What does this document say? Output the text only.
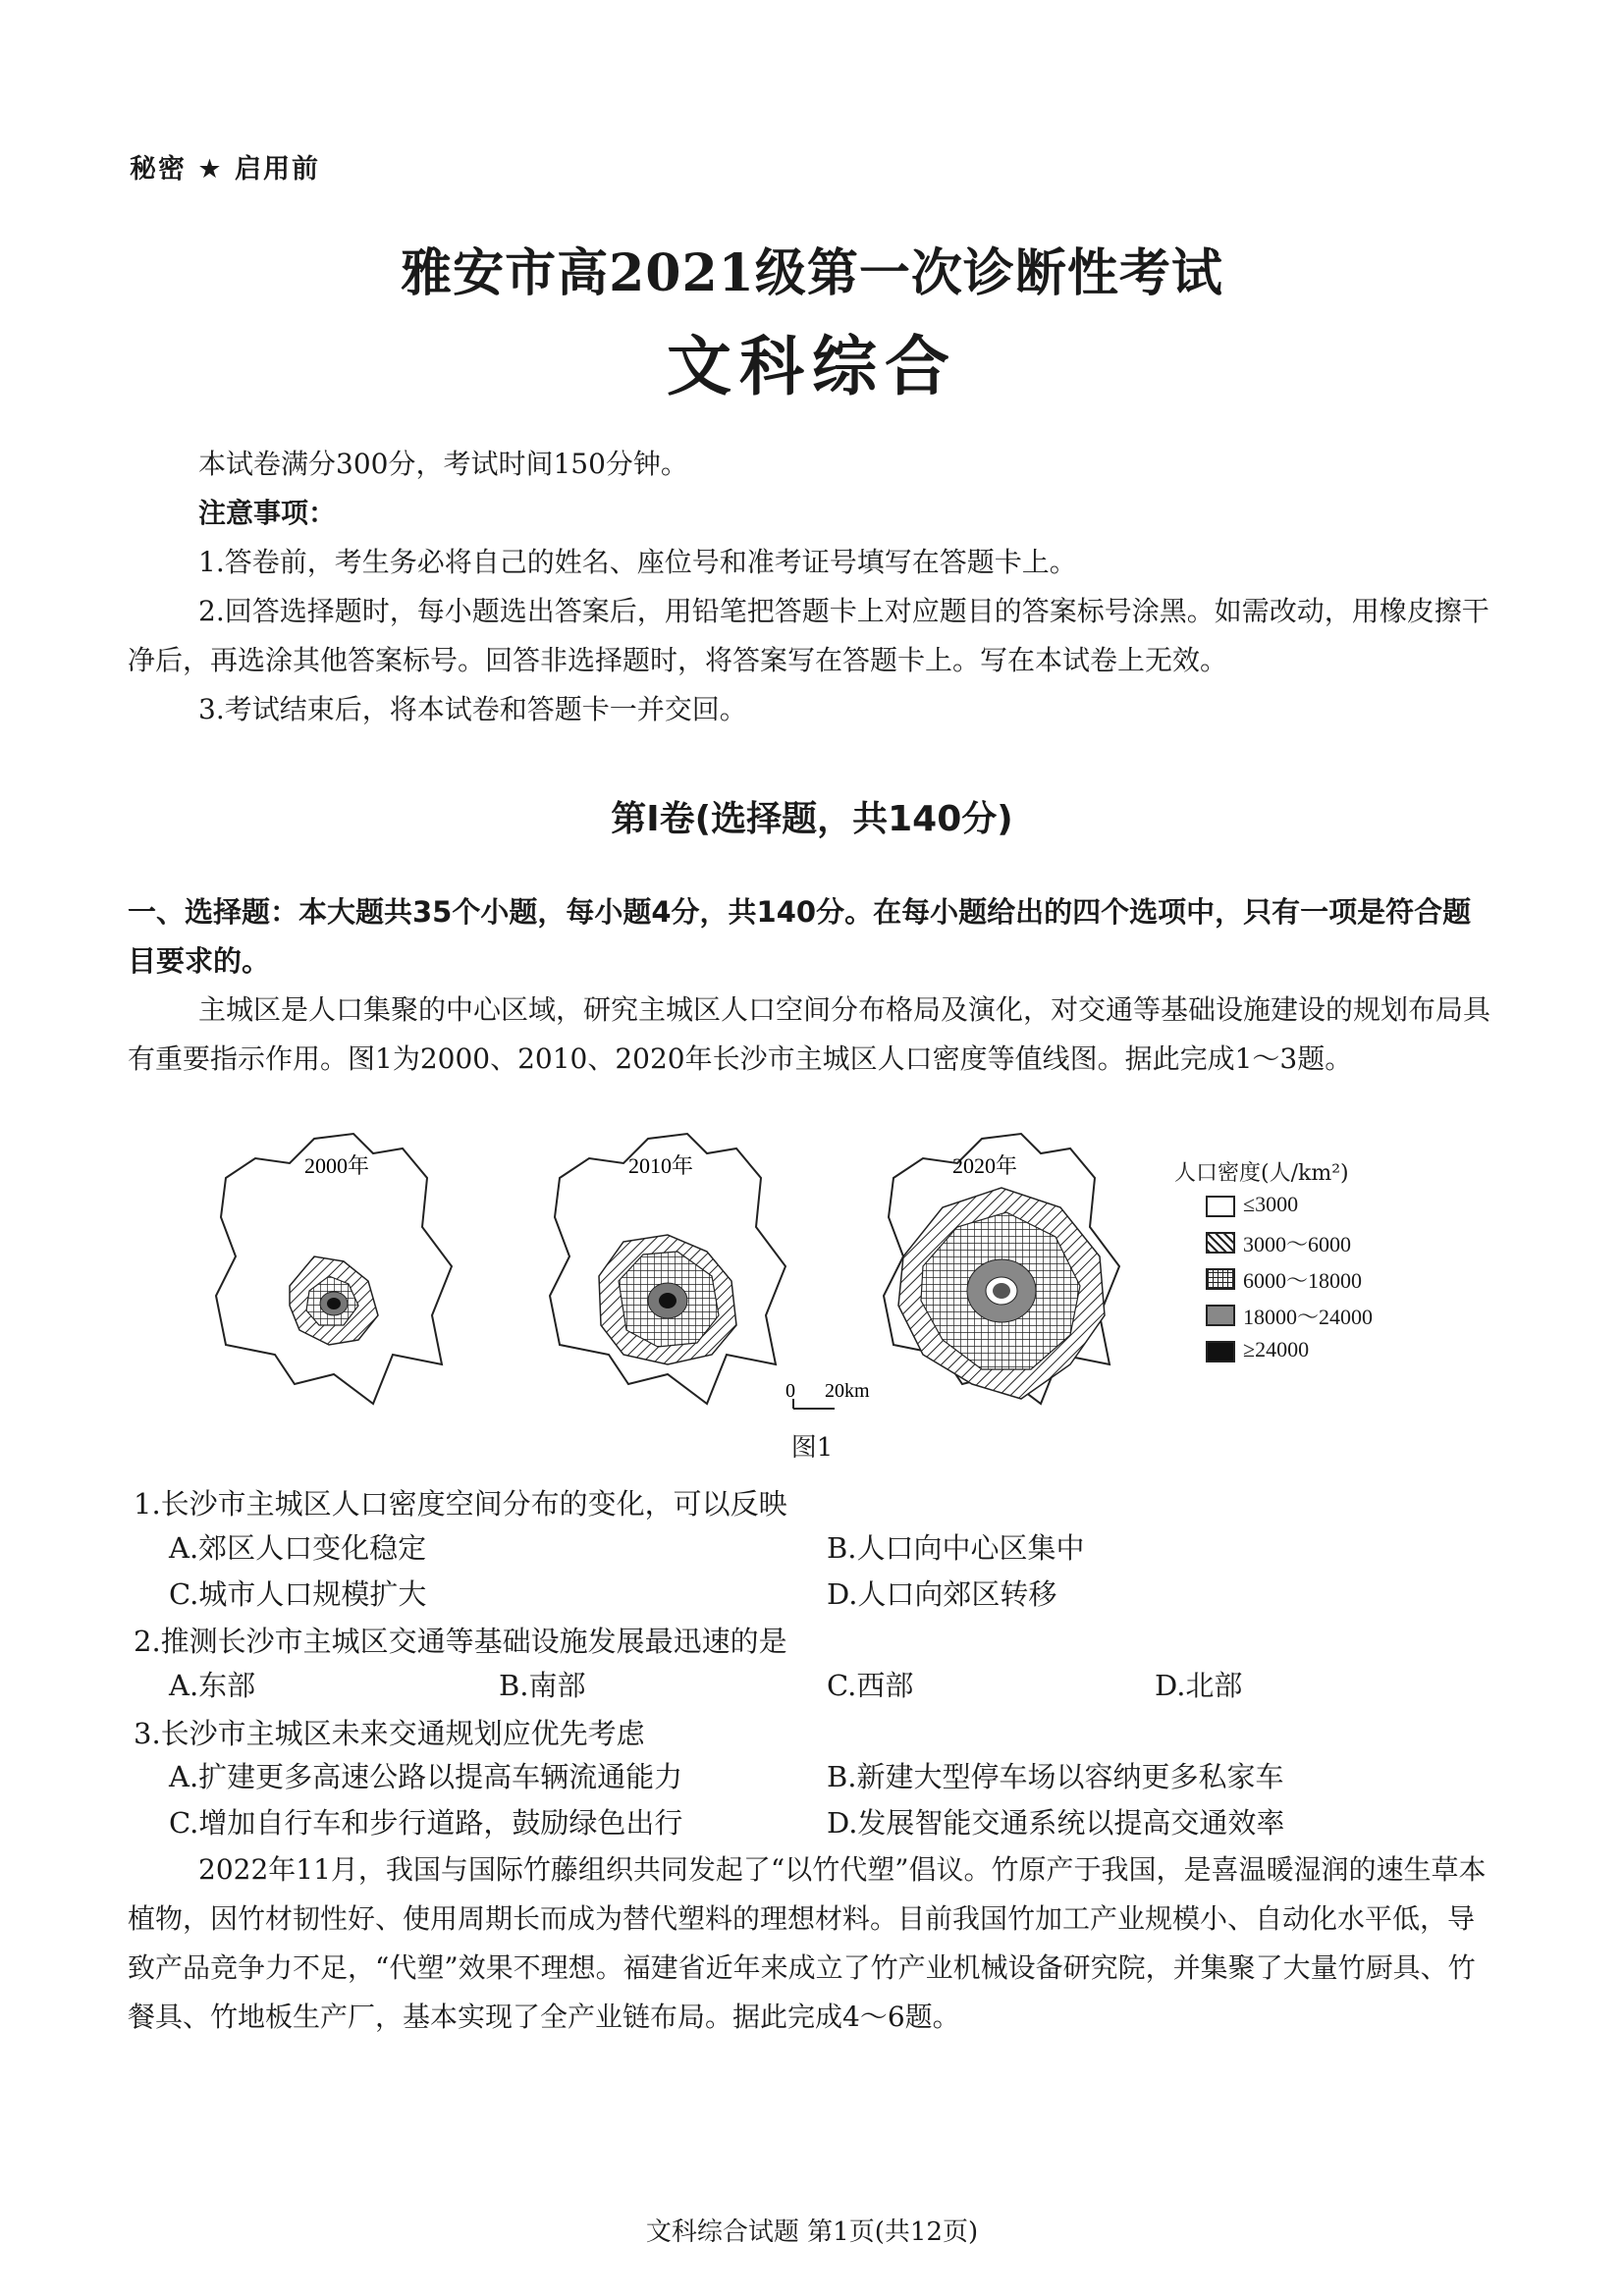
秘密 ★ 启用前
雅安市高2021级第一次诊断性考试
文科综合

本试卷满分300分，考试时间150分钟。

注意事项：

1.答卷前，考生务必将自己的姓名、座位号和准考证号填写在答题卡上。

2.回答选择题时，每小题选出答案后，用铅笔把答题卡上对应题目的答案标号涂黑。如需改动，用橡皮擦干净后，再选涂其他答案标号。回答非选择题时，将答案写在答题卡上。写在本试卷上无效。

3.考试结束后，将本试卷和答题卡一并交回。

第Ⅰ卷(选择题，共140分)

一、选择题：本大题共35个小题，每小题4分，共140分。在每小题给出的四个选项中，只有一项是符合题目要求的。

主城区是人口集聚的中心区域，研究主城区人口空间分布格局及演化，对交通等基础设施建设的规划布局具有重要指示作用。图1为2000、2010、2020年长沙市主城区人口密度等值线图。据此完成1～3题。

2000年	2010年	2020年
0 20km
人口密度(人/km²)
≤3000
3000～6000
6000～18000
18000～24000
≥24000
图1
1.长沙市主城区人口密度空间分布的变化，可以反映
A.郊区人口变化稳定	B.人口向中心区集中
C.城市人口规模扩大	D.人口向郊区转移
2.推测长沙市主城区交通等基础设施发展最迅速的是
A.东部	B.南部	C.西部	D.北部
3.长沙市主城区未来交通规划应优先考虑
A.扩建更多高速公路以提高车辆流通能力	B.新建大型停车场以容纳更多私家车
C.增加自行车和步行道路，鼓励绿色出行	D.发展智能交通系统以提高交通效率

2022年11月，我国与国际竹藤组织共同发起了“以竹代塑”倡议。竹原产于我国，是喜温暖湿润的速生草本植物，因竹材韧性好、使用周期长而成为替代塑料的理想材料。目前我国竹加工产业规模小、自动化水平低，导致产品竞争力不足，“代塑”效果不理想。福建省近年来成立了竹产业机械设备研究院，并集聚了大量竹厨具、竹餐具、竹地板生产厂，基本实现了全产业链布局。据此完成4～6题。

文科综合试题 第1页(共12页)
